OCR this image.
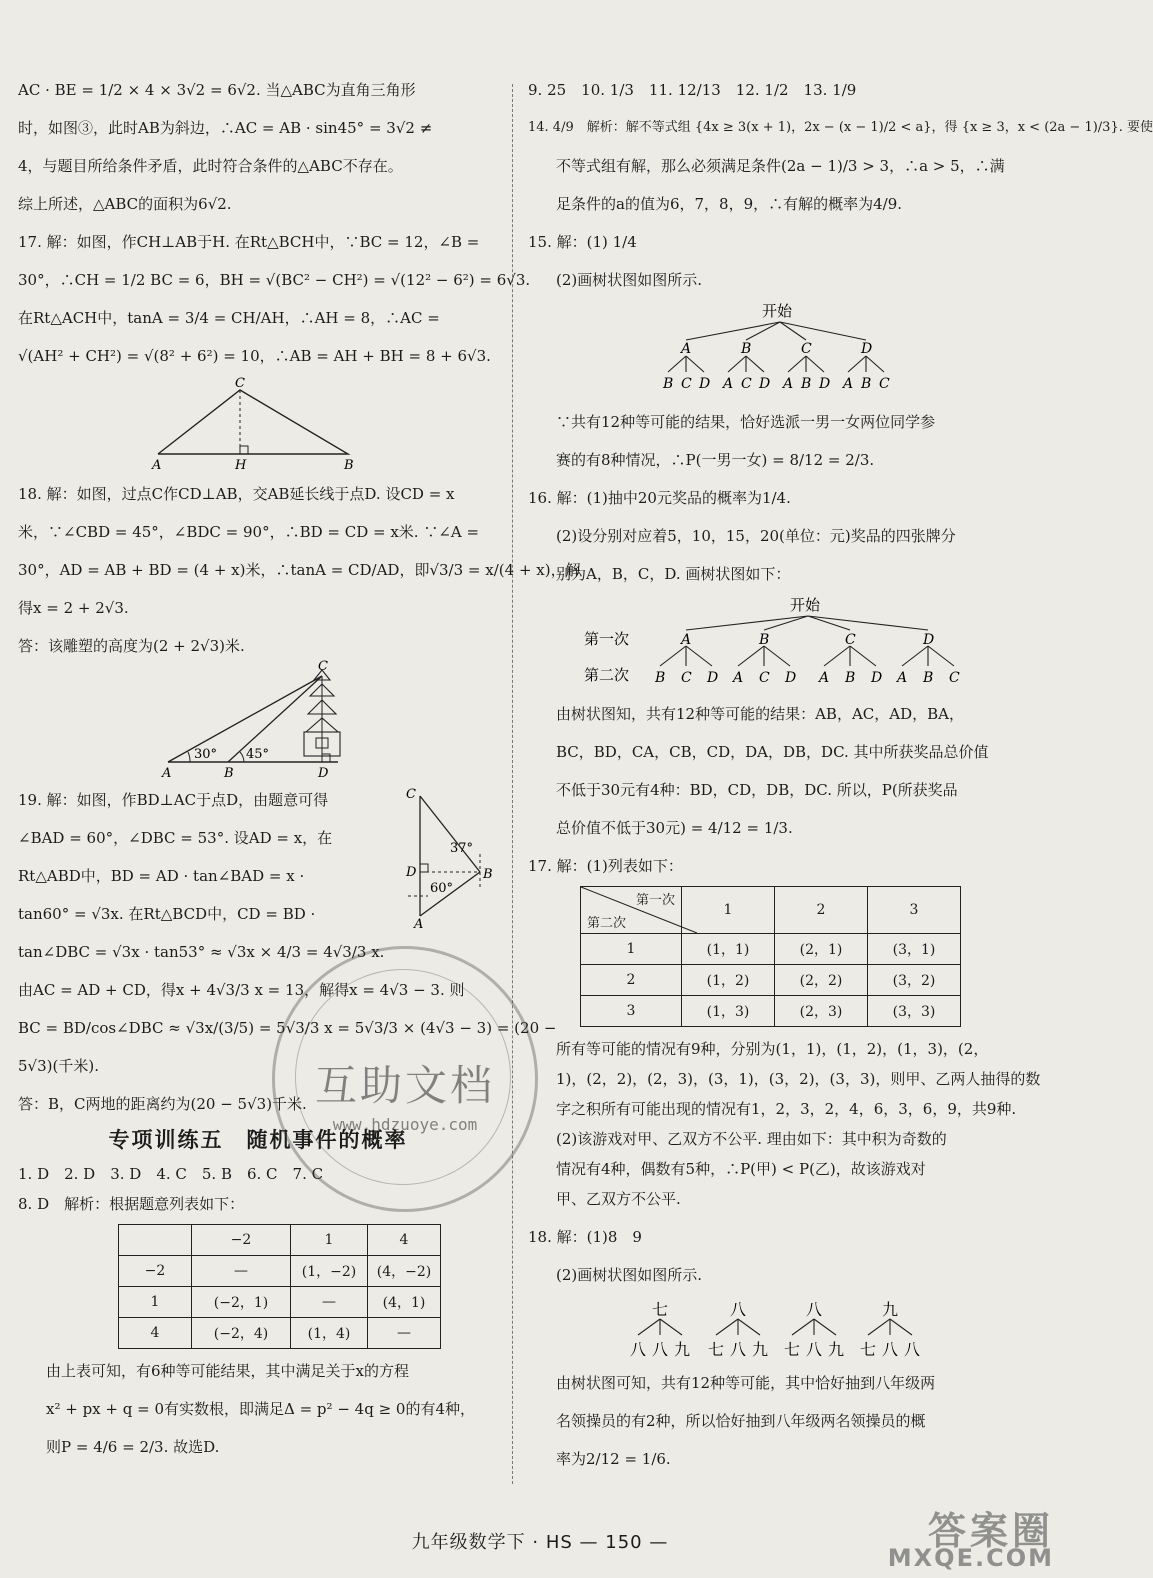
AC · BE = 1/2 × 4 × 3√2 = 6√2. 当△ABC为直角三角形

时，如图③，此时AB为斜边，∴AC = AB · sin45° = 3√2 ≠

4，与题目所给条件矛盾，此时符合条件的△ABC不存在。

综上所述，△ABC的面积为6√2.

17. 解：如图，作CH⊥AB于H. 在Rt△BCH中，∵BC = 12，∠B =

30°，∴CH = 1/2 BC = 6，BH = √(BC² − CH²) = √(12² − 6²) = 6√3.

在Rt△ACH中，tanA = 3/4 = CH/AH，∴AH = 8，∴AC =

√(AH² + CH²) = √(8² + 6²) = 10，∴AB = AH + BH = 8 + 6√3.

C
A	H	B

18. 解：如图，过点C作CD⊥AB，交AB延长线于点D. 设CD = x

米，∵∠CBD = 45°，∠BDC = 90°，∴BD = CD = x米. ∵∠A =

30°，AD = AB + BD = (4 + x)米，∴tanA = CD/AD，即√3/3 = x/(4 + x)，解

得x = 2 + 2√3.

答：该雕塑的高度为(2 + 2√3)米.

C
A	B	D
30° 45°

19. 解：如图，作BD⊥AC于点D，由题意可得

∠BAD = 60°，∠DBC = 53°. 设AD = x，在

Rt△ABD中，BD = AD · tan∠BAD = x ·

tan60° = √3x. 在Rt△BCD中，CD = BD ·

tan∠DBC = √3x · tan53° ≈ √3x × 4/3 = 4√3/3 x.

C
D	B
A
37°
60°

由AC = AD + CD，得x + 4√3/3 x = 13，解得x = 4√3 − 3. 则

BC = BD/cos∠DBC ≈ √3x/(3/5) = 5√3/3 x = 5√3/3 × (4√3 − 3) = (20 −

5√3)(千米).

答：B，C两地的距离约为(20 − 5√3)千米.

专项训练五　随机事件的概率

1. D　2. D　3. D　4. C　5. B　6. C　7. C

8. D　解析：根据题意列表如下：

	−2	1	4
−2	—	(1，−2)	(4，−2)
1	(−2，1)	—	(4，1)
4	(−2，4)	(1，4)	—

由上表可知，有6种等可能结果，其中满足关于x的方程

x² + px + q = 0有实数根，即满足Δ = p² − 4q ≥ 0的有4种，

则P = 4/6 = 2/3. 故选D.

9. 25　10. 1/3　11. 12/13　12. 1/2　13. 1/9

14. 4/9　解析：解不等式组 {4x ≥ 3(x + 1)，2x − (x − 1)/2 < a}，得 {x ≥ 3，x < (2a − 1)/3}. 要使

不等式组有解，那么必须满足条件(2a − 1)/3 > 3，∴a > 5，∴满

足条件的a的值为6，7，8，9，∴有解的概率为4/9.

15. 解：(1) 1/4

(2)画树状图如图所示.

开始
A	B	C	D
B C D A C D A B D A B C

∵共有12种等可能的结果，恰好选派一男一女两位同学参

赛的有8种情况，∴P(一男一女) = 8/12 = 2/3.

16. 解：(1)抽中20元奖品的概率为1/4.

(2)设分别对应着5，10，15，20(单位：元)奖品的四张牌分

别为A，B，C，D. 画树状图如下：

开始
第一次
第二次
A	B	C	D
B C D A C D A B D A B C

由树状图知，共有12种等可能的结果：AB，AC，AD，BA，

BC，BD，CA，CB，CD，DA，DB，DC. 其中所获奖品总价值

不低于30元有4种：BD，CD，DB，DC. 所以，P(所获奖品

总价值不低于30元) = 4/12 = 1/3.

17. 解：(1)列表如下：

第一次
第二次	1	2	3
1	(1，1)	(2，1)	(3，1)
2	(1，2)	(2，2)	(3，2)
3	(1，3)	(2，3)	(3，3)

所有等可能的情况有9种，分别为(1，1)，(1，2)，(1，3)，(2，

1)，(2，2)，(2，3)，(3，1)，(3，2)，(3，3)，则甲、乙两人抽得的数

字之积所有可能出现的情况有1，2，3，2，4，6，3，6，9，共9种.

(2)该游戏对甲、乙双方不公平. 理由如下：其中积为奇数的

情况有4种，偶数有5种，∴P(甲) < P(乙)，故该游戏对

甲、乙双方不公平.

18. 解：(1)8　9

(2)画树状图如图所示.

七	八	八	九
八 八 九 七 八 九 七 八 九 七 八 八

由树状图可知，共有12种等可能，其中恰好抽到八年级两

名领操员的有2种，所以恰好抽到八年级两名领操员的概

率为2/12 = 1/6.

互助文档
www.hdzuoye.com
九年级数学下 · HS — 150 —	答案圈
MXQE.COM
